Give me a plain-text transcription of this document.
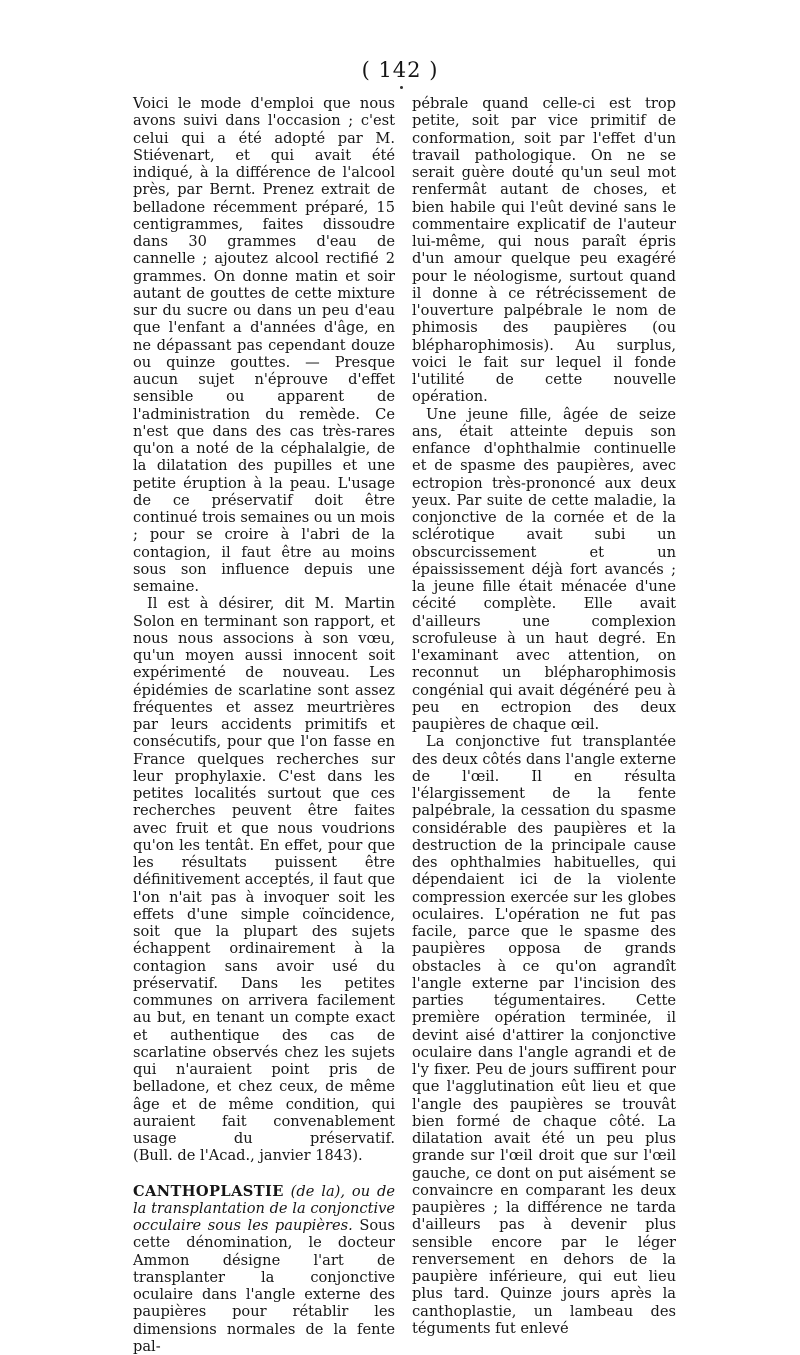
( 142 )

Voici le mode d'emploi que nous avons suivi dans l'occasion ; c'est celui qui a été adopté par M. Stiévenart, et qui avait été indiqué, à la différence de l'alcool près, par Bernt. Prenez extrait de belladone récemment préparé, 15 centigrammes, faites dissoudre dans 30 grammes d'eau de cannelle ; ajoutez alcool rectifié 2 grammes. On donne matin et soir autant de gouttes de cette mixture sur du sucre ou dans un peu d'eau que l'enfant a d'années d'âge, en ne dépassant pas cependant douze ou quinze gouttes. — Presque aucun sujet n'éprouve d'effet sensible ou apparent de l'administration du remède. Ce n'est que dans des cas très-rares qu'on a noté de la céphalalgie, de la dilatation des pupilles et une petite éruption à la peau. L'usage de ce préservatif doit être continué trois semaines ou un mois ; pour se croire à l'abri de la contagion, il faut être au moins sous son influence depuis une semaine.

Il est à désirer, dit M. Martin Solon en terminant son rapport, et nous nous associons à son vœu, qu'un moyen aussi innocent soit expérimenté de nouveau. Les épidémies de scarlatine sont assez fréquentes et assez meurtrières par leurs accidents primitifs et consécutifs, pour que l'on fasse en France quelques recherches sur leur prophylaxie. C'est dans les petites localités surtout que ces recherches peuvent être faites avec fruit et que nous voudrions qu'on les tentât. En effet, pour que les résultats puissent être définitivement acceptés, il faut que l'on n'ait pas à invoquer soit les effets d'une simple coïncidence, soit que la plupart des sujets échappent ordinairement à la contagion sans avoir usé du préservatif. Dans les petites communes on arrivera facilement au but, en tenant un compte exact et authentique des cas de scarlatine observés chez les sujets qui n'auraient point pris de belladone, et chez ceux, de même âge et de même condition, qui auraient fait convenablement usage du préservatif. (Bull. de l'Acad., janvier 1843).

CANTHOPLASTIE (de la), ou de la transplantation de la conjonctive occulaire sous les paupières. Sous cette dénomination, le docteur Ammon désigne l'art de transplanter la conjonctive oculaire dans l'angle externe des paupières pour rétablir les dimensions normales de la fente pal-

pébrale quand celle-ci est trop petite, soit par vice primitif de conformation, soit par l'effet d'un travail pathologique. On ne se serait guère douté qu'un seul mot renfermât autant de choses, et bien habile qui l'eût deviné sans le commentaire explicatif de l'auteur lui-même, qui nous paraît épris d'un amour quelque peu exagéré pour le néologisme, surtout quand il donne à ce rétrécissement de l'ouverture palpébrale le nom de phimosis des paupières (ou blépharophimosis). Au surplus, voici le fait sur lequel il fonde l'utilité de cette nouvelle opération.

Une jeune fille, âgée de seize ans, était atteinte depuis son enfance d'ophthalmie continuelle et de spasme des paupières, avec ectropion très-prononcé aux deux yeux. Par suite de cette maladie, la conjonctive de la cornée et de la sclérotique avait subi un obscurcissement et un épaississement déjà fort avancés ; la jeune fille était ménacée d'une cécité complète. Elle avait d'ailleurs une complexion scrofuleuse à un haut degré. En l'examinant avec attention, on reconnut un blépharophimosis congénial qui avait dégénéré peu à peu en ectropion des deux paupières de chaque œil.

La conjonctive fut transplantée des deux côtés dans l'angle externe de l'œil. Il en résulta l'élargissement de la fente palpébrale, la cessation du spasme considérable des paupières et la destruction de la principale cause des ophthalmies habituelles, qui dépendaient ici de la violente compression exercée sur les globes oculaires. L'opération ne fut pas facile, parce que le spasme des paupières opposa de grands obstacles à ce qu'on agrandît l'angle externe par l'incision des parties tégumentaires. Cette première opération terminée, il devint aisé d'attirer la conjonctive oculaire dans l'angle agrandi et de l'y fixer. Peu de jours suffirent pour que l'agglutination eût lieu et que l'angle des paupières se trouvât bien formé de chaque côté. La dilatation avait été un peu plus grande sur l'œil droit que sur l'œil gauche, ce dont on put aisément se convaincre en comparant les deux paupières ; la différence ne tarda d'ailleurs pas à devenir plus sensible encore par le léger renversement en dehors de la paupière inférieure, qui eut lieu plus tard. Quinze jours après la canthoplastie, un lambeau des téguments fut enlevé
